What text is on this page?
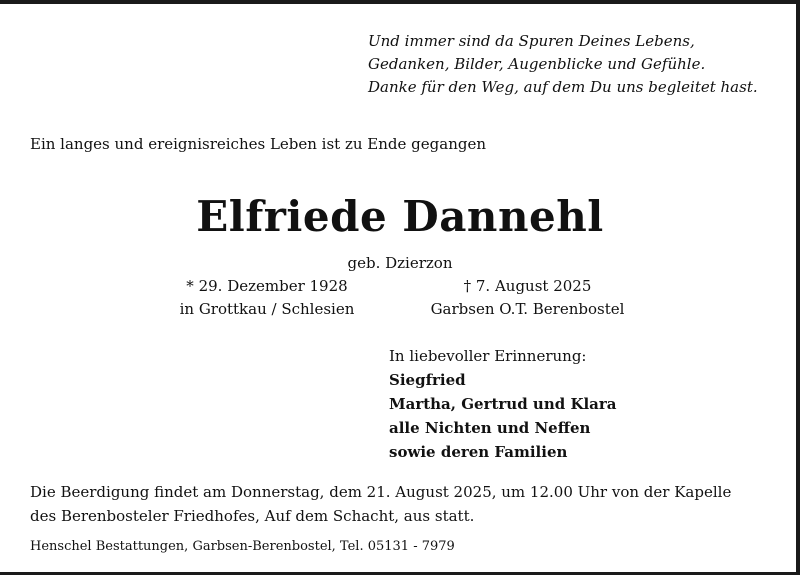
Und immer sind da Spuren Deines Lebens,
Gedanken, Bilder, Augenblicke und Gefühle.
Danke für den Weg, auf dem Du uns begleitet hast.
Ein langes und ereignisreiches Leben ist zu Ende gegangen
Elfriede Dannehl
geb. Dzierzon
* 29. Dezember 1928
in Grottkau / Schlesien
† 7. August 2025
Garbsen O.T. Berenbostel
In liebevoller Erinnerung:
Siegfried
Martha, Gertrud und Klara
alle Nichten und Neffen
sowie deren Familien
Die Beerdigung findet am Donnerstag, dem 21. August 2025, um 12.00 Uhr von der Kapelle
des Berenbosteler Friedhofes, Auf dem Schacht, aus statt.
Henschel Bestattungen, Garbsen-Berenbostel, Tel. 05131 - 7979
